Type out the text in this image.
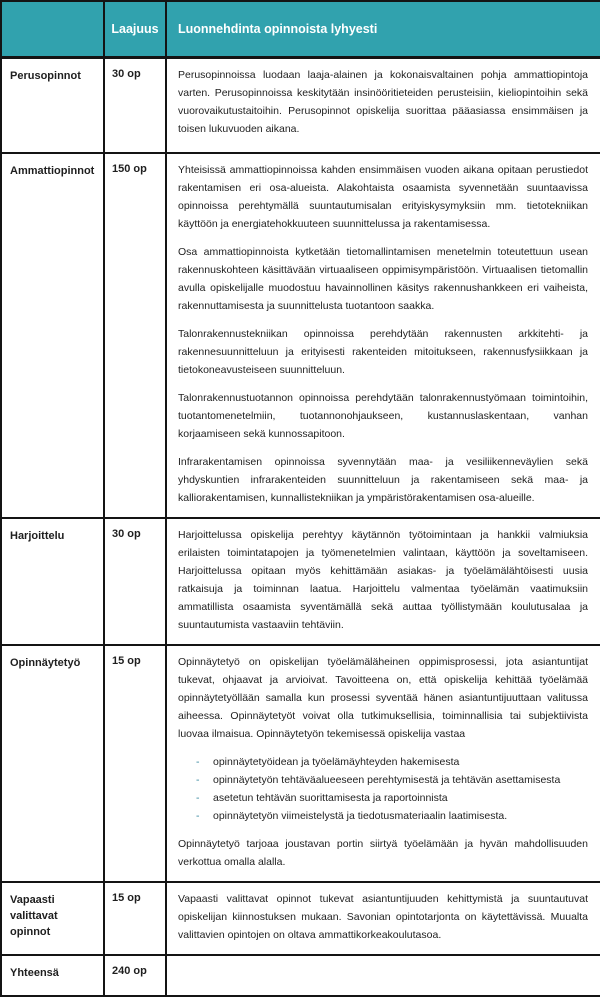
	Laajuus	Luonnehdinta opinnoista lyhyesti
Perusopinnot	30 op	Perusopinnoissa luodaan laaja-alainen ja kokonaisvaltainen pohja ammattiopintoja varten. Perusopinnoissa keskitytään insinööritieteiden perusteisiin, kieliopintoihin sekä vuorovaikutustaitoihin. Perusopinnot opiskelija suorittaa pääasiassa ensimmäisen ja toisen lukuvuoden aikana.

Ammattiopinnot	150 op	Yhteisissä ammattiopinnoissa kahden ensimmäisen vuoden aikana opitaan perustiedot rakentamisen eri osa-alueista. Alakohtaista osaamista syvennetään suuntaavissa opinnoissa perehtymällä suuntautumisalan erityiskysymyksiin mm. tietotekniikan käyttöön ja energiatehokkuuteen suunnittelussa ja rakentamisessa.

Osa ammattiopinnoista kytketään tietomallintamisen menetelmin toteutettuun usean rakennuskohteen käsittävään virtuaaliseen oppimisympäristöön. Virtuaalisen tietomallin avulla opiskelijalle muodostuu havainnollinen käsitys rakennushankkeen eri vaiheista, rakennuttamisesta ja suunnittelusta tuotantoon saakka.

Talonrakennustekniikan opinnoissa perehdytään rakennusten arkkitehti- ja rakennesuunnitteluun ja erityisesti rakenteiden mitoitukseen, rakennusfysiikkaan ja tietokoneavusteiseen suunnitteluun.

Talonrakennustuotannon opinnoissa perehdytään talonrakennustyömaan toimintoihin, tuotantomenetelmiin, tuotannonohjaukseen, kustannuslaskentaan, vanhan korjaamiseen sekä kunnossapitoon.

Infrarakentamisen opinnoissa syvennytään maa- ja vesiliikenneväylien sekä yhdyskuntien infrarakenteiden suunnitteluun ja rakentamiseen sekä maa- ja kalliorakentamisen, kunnallistekniikan ja ympäristörakentamisen osa-alueille.

Harjoittelu	30 op	Harjoittelussa opiskelija perehtyy käytännön työtoimintaan ja hankkii valmiuksia erilaisten toimintatapojen ja työmenetelmien valintaan, käyttöön ja soveltamiseen. Harjoittelussa opitaan myös kehittämään asiakas- ja työelämälähtöisesti uusia ratkaisuja ja toiminnan laatua. Harjoittelu valmentaa työelämän vaatimuksiin ammatillista osaamista syventämällä sekä auttaa työllistymään koulutusalaa ja suuntautumista vastaaviin tehtäviin.

Opinnäytetyö	15 op	Opinnäytetyö on opiskelijan työelämäläheinen oppimisprosessi, jota asiantuntijat tukevat, ohjaavat ja arvioivat. Tavoitteena on, että opiskelija kehittää työelämää opinnäytetyöllään samalla kun prosessi syventää hänen asiantuntijuuttaan valitussa aiheessa. Opinnäytetyöt voivat olla tutkimuksellisia, toiminnallisia tai subjektiivista luovaa ilmaisua. Opinnäytetyön tekemisessä opiskelija vastaa

-	opinnäytetyöidean ja työelämäyhteyden hakemisesta
-	opinnäytetyön tehtäväalueeseen perehtymisestä ja tehtävän asettamisesta
-	asetetun tehtävän suorittamisesta ja raportoinnista
-	opinnäytetyön viimeistelystä ja tiedotusmateriaalin laatimisesta.

Opinnäytetyö tarjoaa joustavan portin siirtyä työelämään ja hyvän mahdollisuuden verkottua omalla alalla.

Vapaasti valittavat opinnot	15 op	Vapaasti valittavat opinnot tukevat asiantuntijuuden kehittymistä ja suuntautuvat opiskelijan kiinnostuksen mukaan. Savonian opintotarjonta on käytettävissä. Muualta valittavien opintojen on oltava ammattikorkeakoulutasoa.

Yhteensä	240 op	
